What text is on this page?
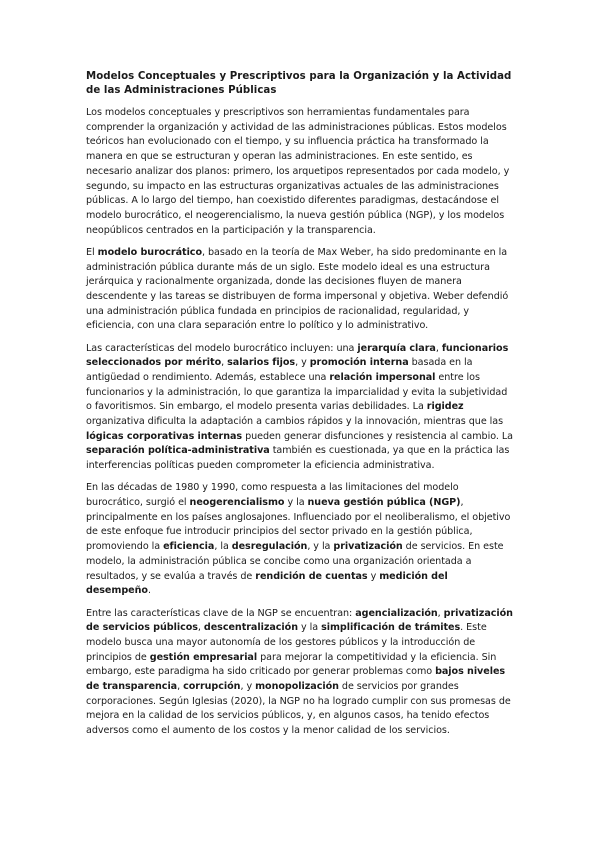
Modelos Conceptuales y Prescriptivos para la Organización y la Actividad de las Administraciones Públicas

Los modelos conceptuales y prescriptivos son herramientas fundamentales para comprender la organización y actividad de las administraciones públicas. Estos modelos teóricos han evolucionado con el tiempo, y su influencia práctica ha transformado la manera en que se estructuran y operan las administraciones. En este sentido, es necesario analizar dos planos: primero, los arquetipos representados por cada modelo, y segundo, su impacto en las estructuras organizativas actuales de las administraciones públicas. A lo largo del tiempo, han coexistido diferentes paradigmas, destacándose el modelo burocrático, el neogerencialismo, la nueva gestión pública (NGP), y los modelos neopúblicos centrados en la participación y la transparencia.

El modelo burocrático, basado en la teoría de Max Weber, ha sido predominante en la administración pública durante más de un siglo. Este modelo ideal es una estructura jerárquica y racionalmente organizada, donde las decisiones fluyen de manera descendente y las tareas se distribuyen de forma impersonal y objetiva. Weber defendió una administración pública fundada en principios de racionalidad, regularidad, y eficiencia, con una clara separación entre lo político y lo administrativo.

Las características del modelo burocrático incluyen: una jerarquía clara, funcionarios seleccionados por mérito, salarios fijos, y promoción interna basada en la antigüedad o rendimiento. Además, establece una relación impersonal entre los funcionarios y la administración, lo que garantiza la imparcialidad y evita la subjetividad o favoritismos. Sin embargo, el modelo presenta varias debilidades. La rigidez organizativa dificulta la adaptación a cambios rápidos y la innovación, mientras que las lógicas corporativas internas pueden generar disfunciones y resistencia al cambio. La separación política-administrativa también es cuestionada, ya que en la práctica las interferencias políticas pueden comprometer la eficiencia administrativa.

En las décadas de 1980 y 1990, como respuesta a las limitaciones del modelo burocrático, surgió el neogerencialismo y la nueva gestión pública (NGP), principalmente en los países anglosajones. Influenciado por el neoliberalismo, el objetivo de este enfoque fue introducir principios del sector privado en la gestión pública, promoviendo la eficiencia, la desregulación, y la privatización de servicios. En este modelo, la administración pública se concibe como una organización orientada a resultados, y se evalúa a través de rendición de cuentas y medición del desempeño.

Entre las características clave de la NGP se encuentran: agencialización, privatización de servicios públicos, descentralización y la simplificación de trámites. Este modelo busca una mayor autonomía de los gestores públicos y la introducción de principios de gestión empresarial para mejorar la competitividad y la eficiencia. Sin embargo, este paradigma ha sido criticado por generar problemas como bajos niveles de transparencia, corrupción, y monopolización de servicios por grandes corporaciones. Según Iglesias (2020), la NGP no ha logrado cumplir con sus promesas de mejora en la calidad de los servicios públicos, y, en algunos casos, ha tenido efectos adversos como el aumento de los costos y la menor calidad de los servicios.
